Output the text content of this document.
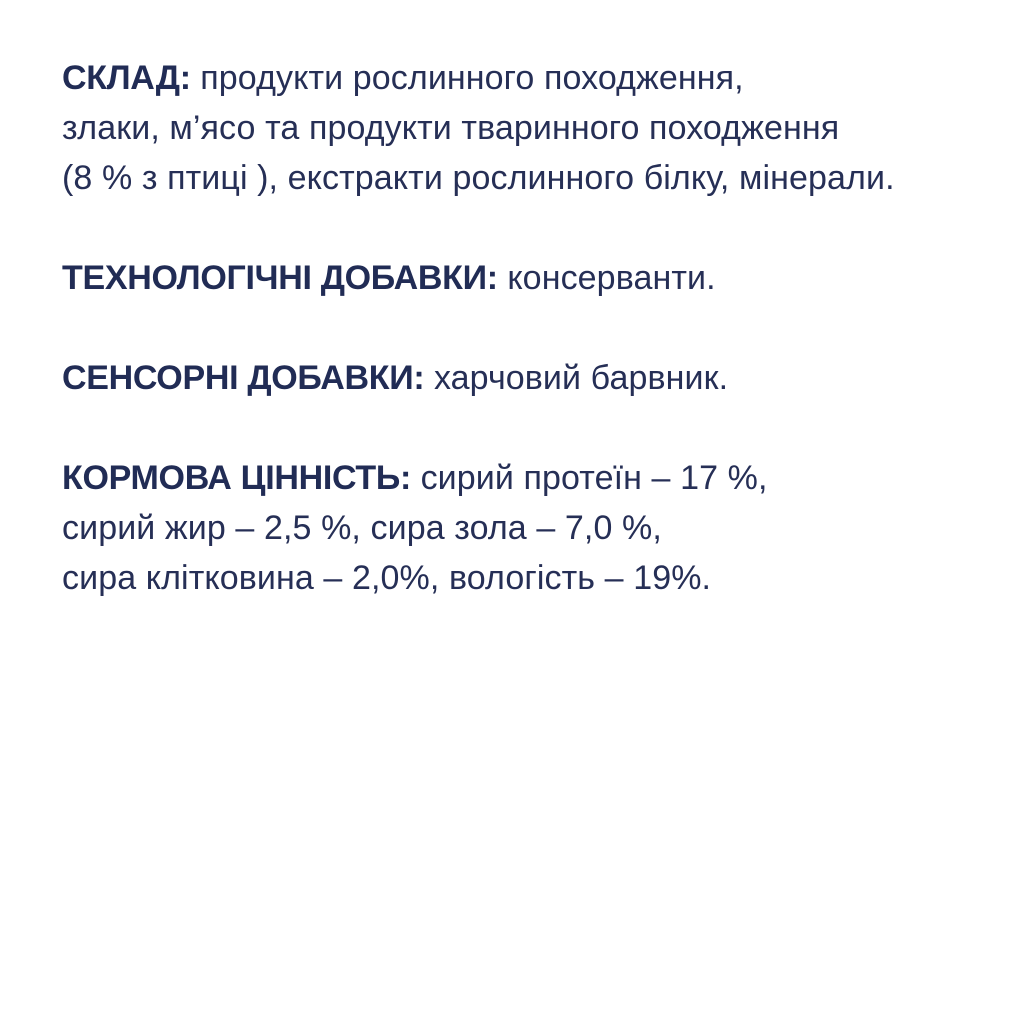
СКЛАД: продукти рослинного походження,
злаки, м’ясо та продукти тваринного походження
(8 % з птиці ), екстракти рослинного білку, мінерали.

ТЕХНОЛОГІЧНІ ДОБАВКИ: консерванти.

СЕНСОРНІ ДОБАВКИ: харчовий барвник.

КОРМОВА ЦІННІСТЬ: сирий протеїн – 17 %,
сирий жир – 2,5 %, сира зола – 7,0 %,
сира клітковина – 2,0%, вологість – 19%.
